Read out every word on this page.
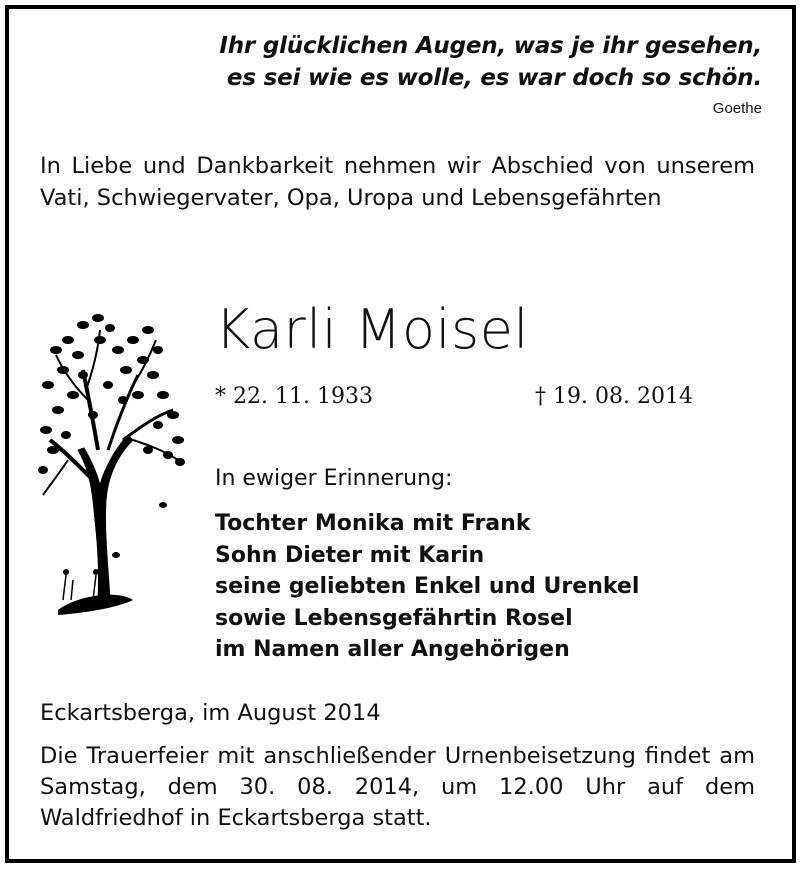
Ihr glücklichen Augen, was je ihr gesehen,
es sei wie es wolle, es war doch so schön.
Goethe
In Liebe und Dankbarkeit nehmen wir Abschied von unserem Vati, Schwiegervater, Opa, Uropa und Lebensgefährten
Karli Moisel
* 22. 11. 1933	† 19. 08. 2014
In ewiger Erinnerung:
Tochter Monika mit Frank
Sohn Dieter mit Karin
seine geliebten Enkel und Urenkel
sowie Lebensgefährtin Rosel
im Namen aller Angehörigen
Eckartsberga, im August 2014
Die Trauerfeier mit anschließender Urnenbeisetzung findet am Samstag, dem 30. 08. 2014, um 12.00 Uhr auf dem Waldfriedhof in Eckartsberga statt.
